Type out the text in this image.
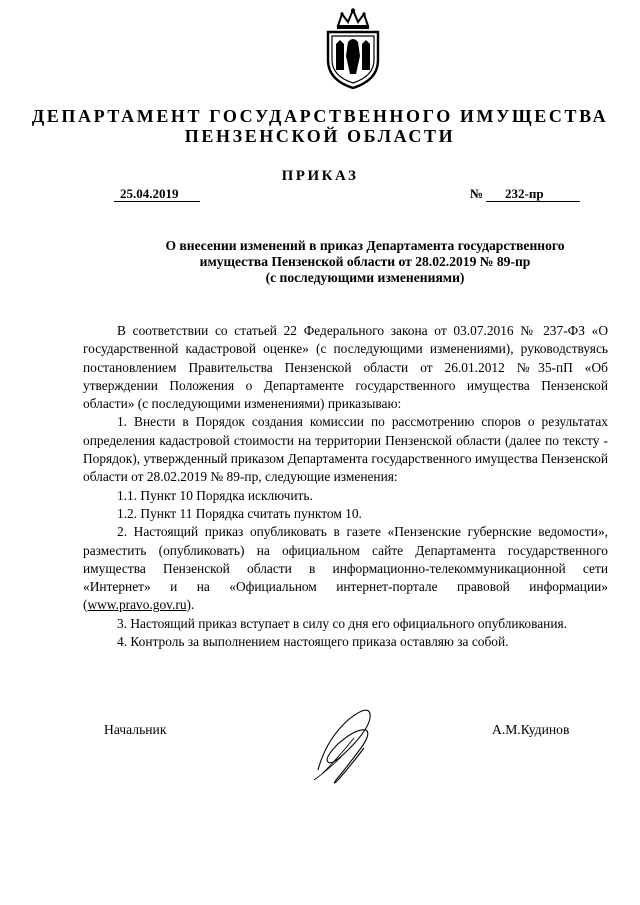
ДЕПАРТАМЕНТ ГОСУДАРСТВЕННОГО ИМУЩЕСТВА
ПЕНЗЕНСКОЙ ОБЛАСТИ
ПРИКАЗ
25.04.2019	№ 232-пр
О внесении изменений в приказ Департамента государственного
имущества Пензенской области от 28.02.2019 № 89-пр
(с последующими изменениями)

В соответствии со статьей 22 Федерального закона от 03.07.2016 № 237-ФЗ «О государственной кадастровой оценке» (с последующими изменениями), руководствуясь постановлением Правительства Пензенской области от 26.01.2012 №35-пП «Об утверждении Положения о Департаменте государственного имущества Пензенской области» (с последующими изменениями) приказываю:

1. Внести в Порядок создания комиссии по рассмотрению споров о результатах определения кадастровой стоимости на территории Пензенской области (далее по тексту - Порядок), утвержденный приказом Департамента государственного имущества Пензенской области от 28.02.2019 № 89-пр, следующие изменения:

1.1. Пункт 10 Порядка исключить.

1.2. Пункт 11 Порядка считать пунктом 10.

2. Настоящий приказ опубликовать в газете «Пензенские губернские ведомости», разместить (опубликовать) на официальном сайте Департамента государственного имущества Пензенской области в информационно-телекоммуникационной сети «Интернет» и на «Официальном интернет-портале правовой информации» (www.pravo.gov.ru).

3. Настоящий приказ вступает в силу со дня его официального опубликования.

4. Контроль за выполнением настоящего приказа оставляю за собой.

Начальник	А.М.Кудинов
